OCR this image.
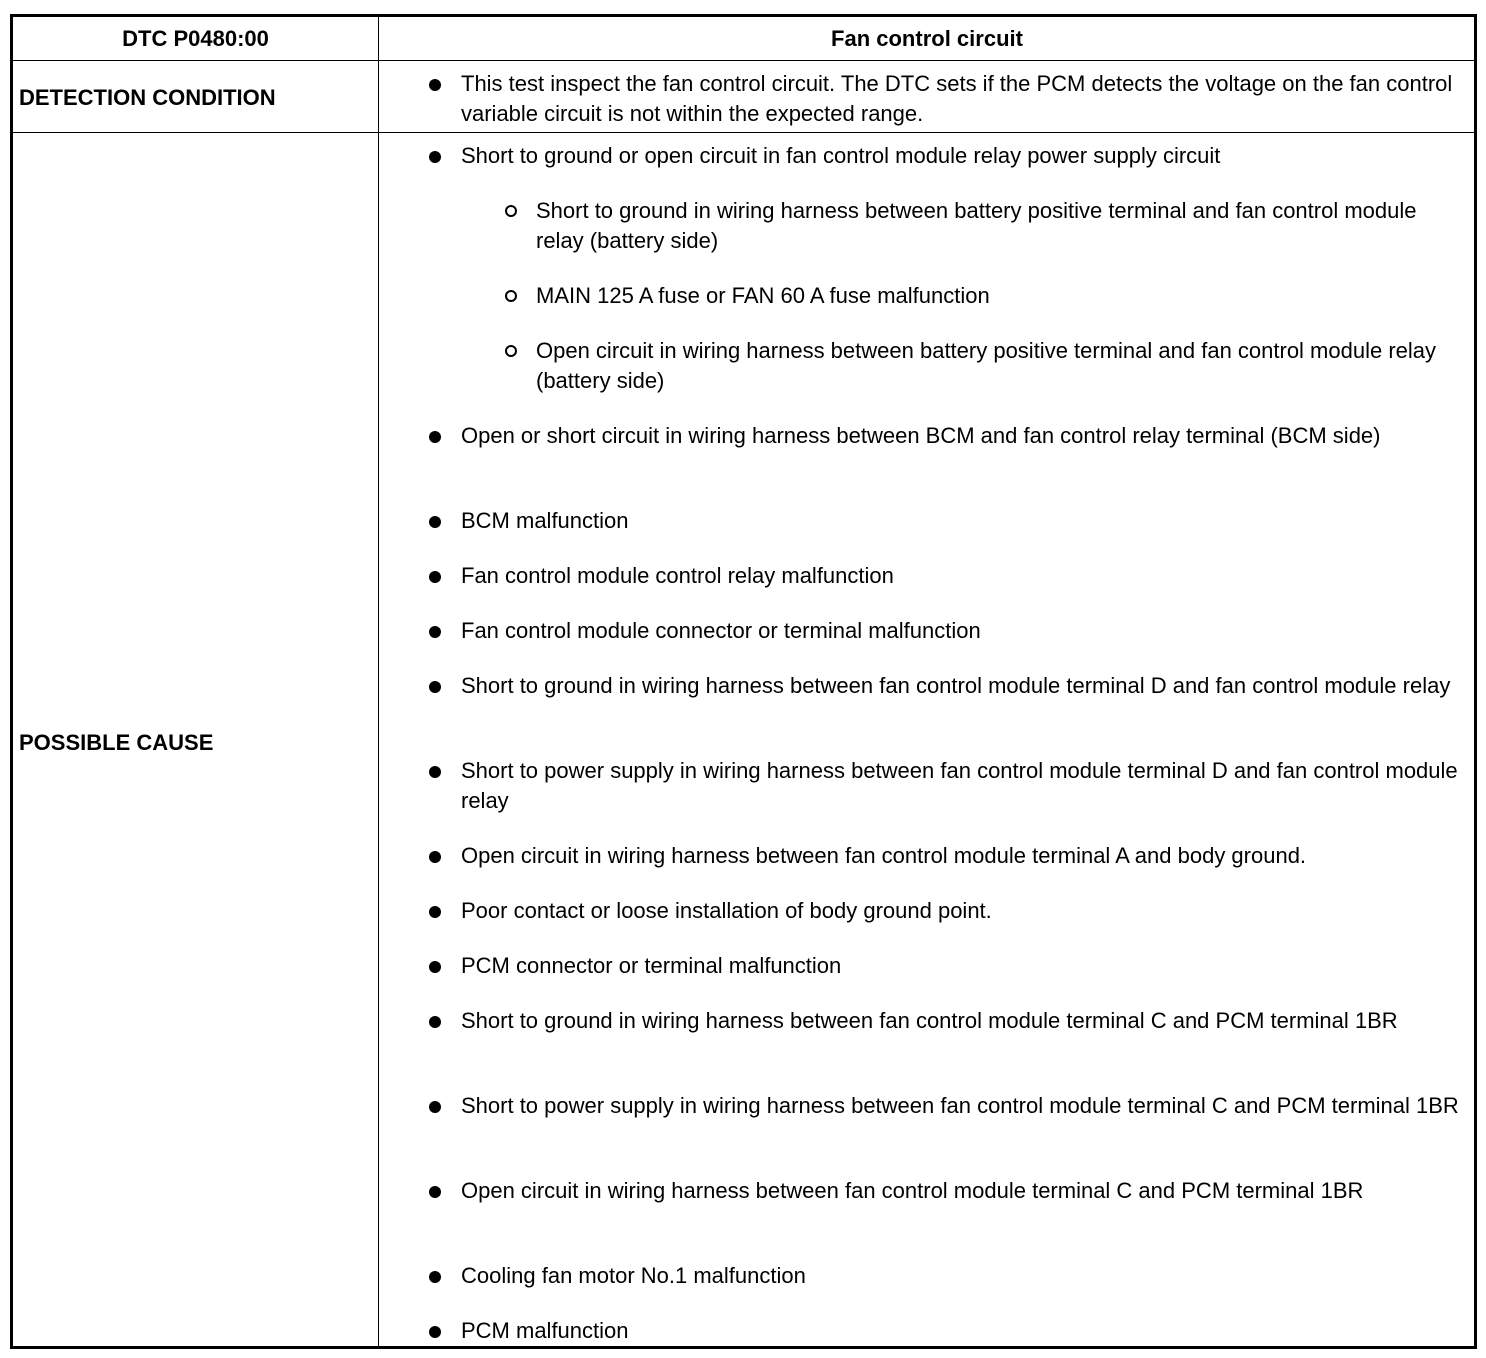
DTC P0480:00	Fan control circuit
DETECTION CONDITION
This test inspect the fan control circuit. The DTC sets if the PCM detects the voltage on the fan control variable circuit is not within the expected range.
POSSIBLE CAUSE
Short to ground or open circuit in fan control module relay power supply circuit
Short to ground in wiring harness between battery positive terminal and fan control module relay (battery side)
MAIN 125 A fuse or FAN 60 A fuse malfunction
Open circuit in wiring harness between battery positive terminal and fan control module relay (battery side)
Open or short circuit in wiring harness between BCM and fan control relay terminal (BCM side)
BCM malfunction
Fan control module control relay malfunction
Fan control module connector or terminal malfunction
Short to ground in wiring harness between fan control module terminal D and fan control module relay
Short to power supply in wiring harness between fan control module terminal D and fan control module relay
Open circuit in wiring harness between fan control module terminal A and body ground.
Poor contact or loose installation of body ground point.
PCM connector or terminal malfunction
Short to ground in wiring harness between fan control module terminal C and PCM terminal 1BR
Short to power supply in wiring harness between fan control module terminal C and PCM terminal 1BR
Open circuit in wiring harness between fan control module terminal C and PCM terminal 1BR
Cooling fan motor No.1 malfunction
PCM malfunction
